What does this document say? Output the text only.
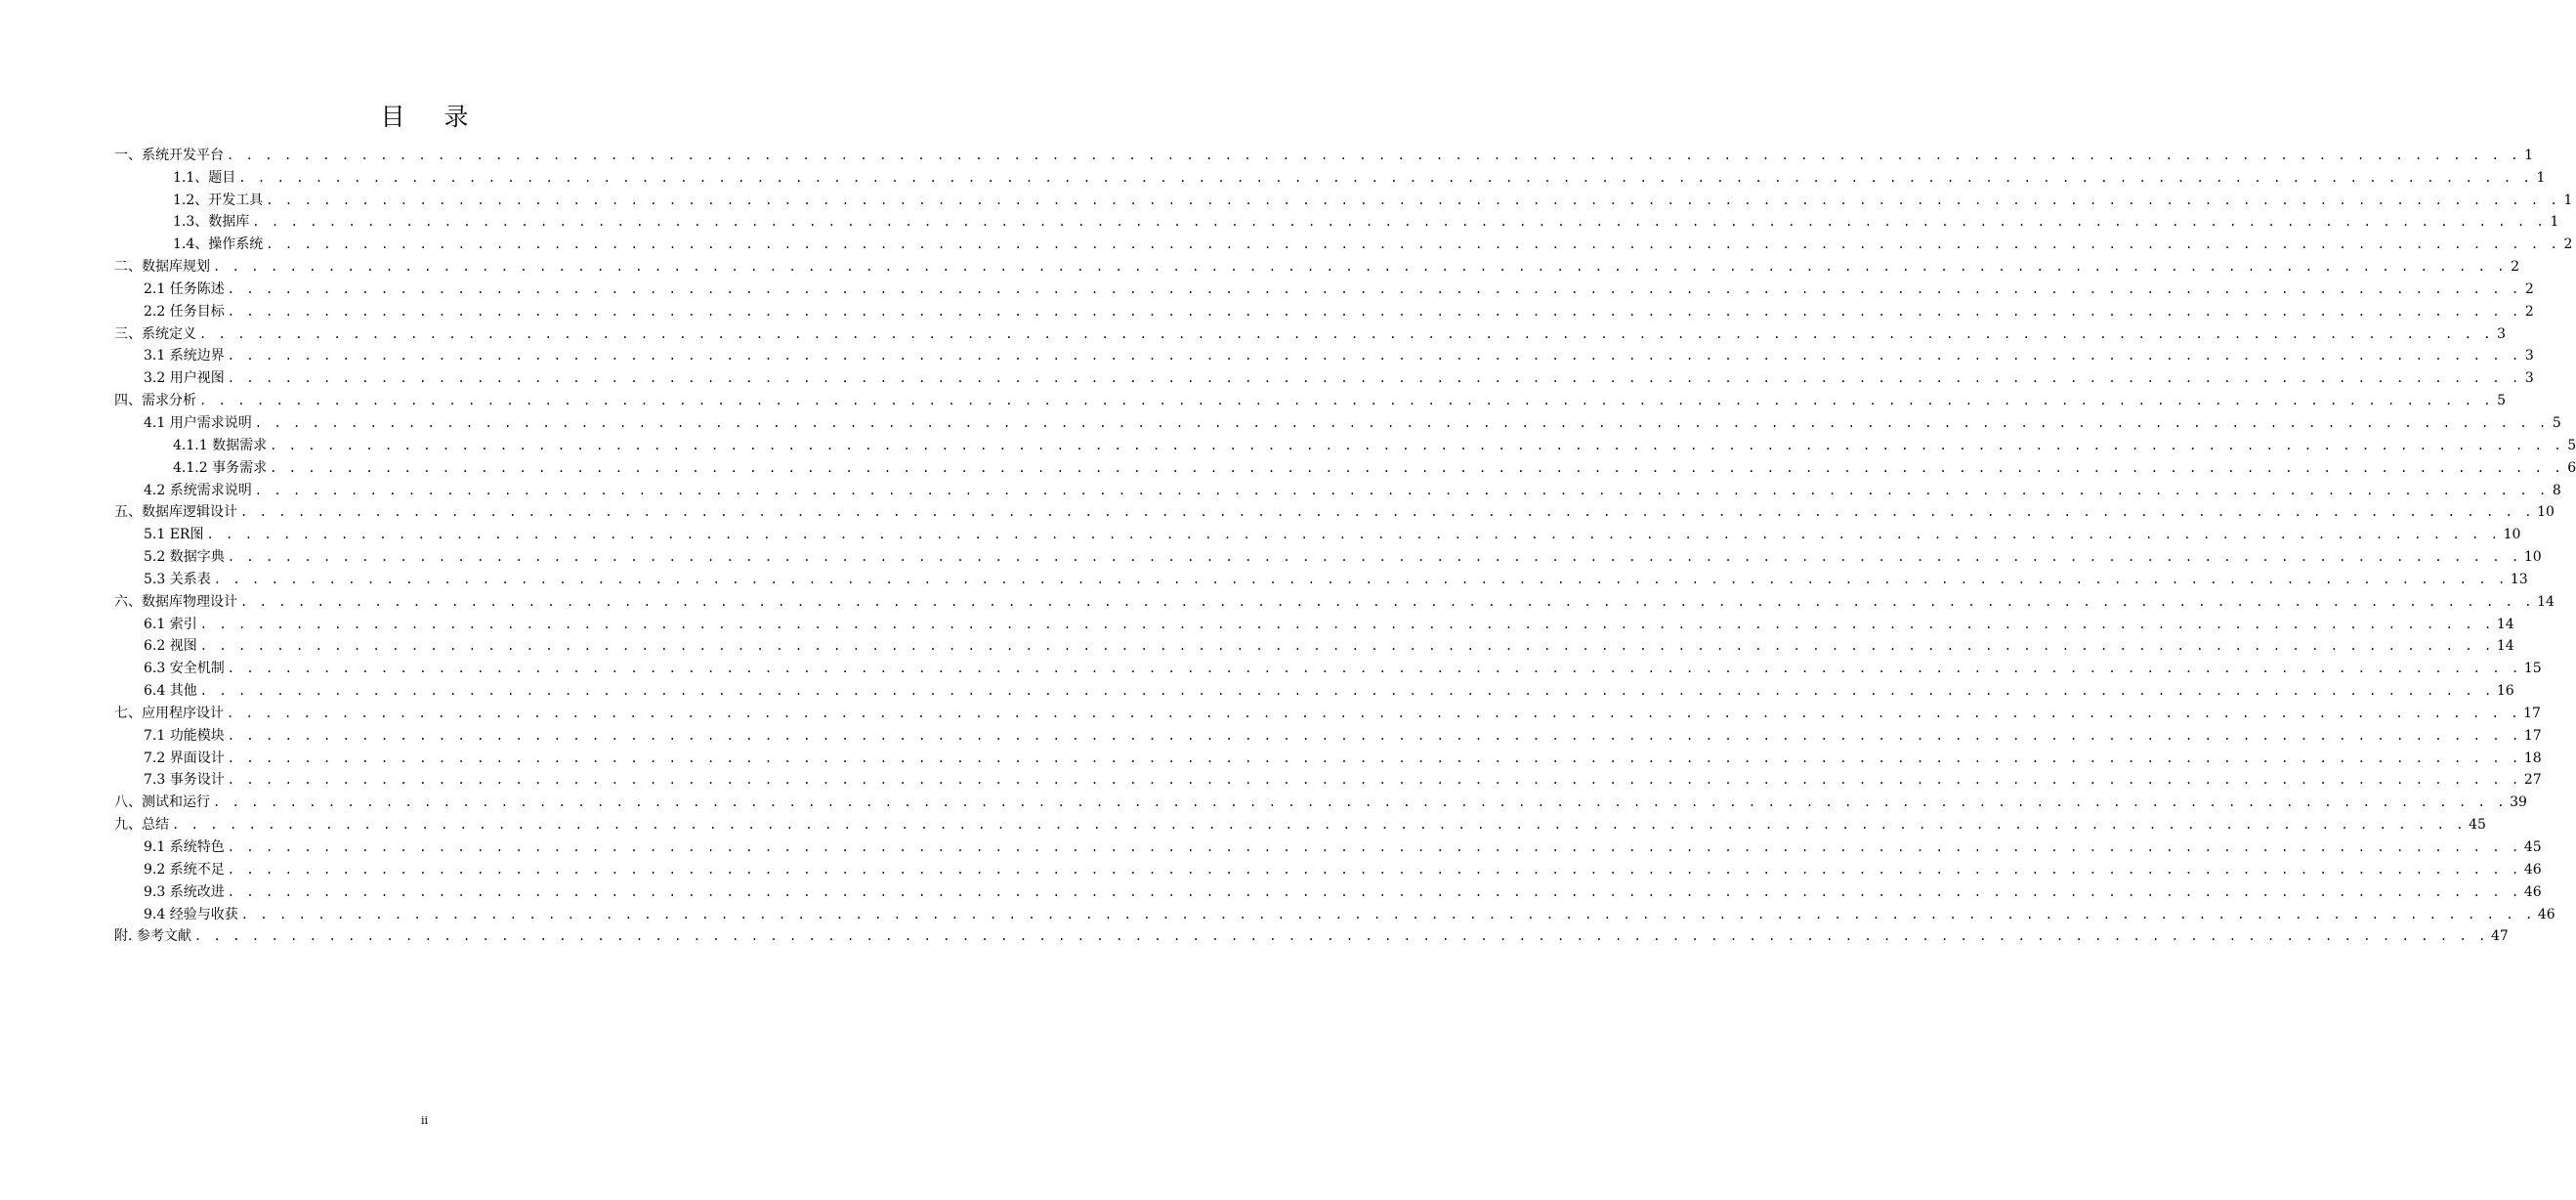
目 录
一、系统开发平台 . . . . . . . . . . . . . . . . . . . . . . . . . . . . . . . . . . . . . . . . . . . . . . . . . . . . . . . . . . . . . . . . . . . . . . . . . . . . . . . . . . . . . . . . . . . . . . . . . . . . . . . . . . . . . . . . . . . . . . . . 1
1.1、题目 . . . . . . . . . . . . . . . . . . . . . . . . . . . . . . . . . . . . . . . . . . . . . . . . . . . . . . . . . . . . . . . . . . . . . . . . . . . . . . . . . . . . . . . . . . . . . . . . . . . . . . . . . . . . . . . . . . . . . . . . 1
1.2、开发工具 . . . . . . . . . . . . . . . . . . . . . . . . . . . . . . . . . . . . . . . . . . . . . . . . . . . . . . . . . . . . . . . . . . . . . . . . . . . . . . . . . . . . . . . . . . . . . . . . . . . . . . . . . . . . . . . . . . . . . . . . 1
1.3、数据库 . . . . . . . . . . . . . . . . . . . . . . . . . . . . . . . . . . . . . . . . . . . . . . . . . . . . . . . . . . . . . . . . . . . . . . . . . . . . . . . . . . . . . . . . . . . . . . . . . . . . . . . . . . . . . . . . . . . . . . . . 1
1.4、操作系统 . . . . . . . . . . . . . . . . . . . . . . . . . . . . . . . . . . . . . . . . . . . . . . . . . . . . . . . . . . . . . . . . . . . . . . . . . . . . . . . . . . . . . . . . . . . . . . . . . . . . . . . . . . . . . . . . . . . . . . . . 2
二、数据库规划 . . . . . . . . . . . . . . . . . . . . . . . . . . . . . . . . . . . . . . . . . . . . . . . . . . . . . . . . . . . . . . . . . . . . . . . . . . . . . . . . . . . . . . . . . . . . . . . . . . . . . . . . . . . . . . . . . . . . . . . . 2
2.1 任务陈述 . . . . . . . . . . . . . . . . . . . . . . . . . . . . . . . . . . . . . . . . . . . . . . . . . . . . . . . . . . . . . . . . . . . . . . . . . . . . . . . . . . . . . . . . . . . . . . . . . . . . . . . . . . . . . . . . . . . . . . . . 2
2.2 任务目标 . . . . . . . . . . . . . . . . . . . . . . . . . . . . . . . . . . . . . . . . . . . . . . . . . . . . . . . . . . . . . . . . . . . . . . . . . . . . . . . . . . . . . . . . . . . . . . . . . . . . . . . . . . . . . . . . . . . . . . . . 2
三、系统定义 . . . . . . . . . . . . . . . . . . . . . . . . . . . . . . . . . . . . . . . . . . . . . . . . . . . . . . . . . . . . . . . . . . . . . . . . . . . . . . . . . . . . . . . . . . . . . . . . . . . . . . . . . . . . . . . . . . . . . . . . 3
3.1 系统边界 . . . . . . . . . . . . . . . . . . . . . . . . . . . . . . . . . . . . . . . . . . . . . . . . . . . . . . . . . . . . . . . . . . . . . . . . . . . . . . . . . . . . . . . . . . . . . . . . . . . . . . . . . . . . . . . . . . . . . . . . 3
3.2 用户视图 . . . . . . . . . . . . . . . . . . . . . . . . . . . . . . . . . . . . . . . . . . . . . . . . . . . . . . . . . . . . . . . . . . . . . . . . . . . . . . . . . . . . . . . . . . . . . . . . . . . . . . . . . . . . . . . . . . . . . . . . 3
四、需求分析 . . . . . . . . . . . . . . . . . . . . . . . . . . . . . . . . . . . . . . . . . . . . . . . . . . . . . . . . . . . . . . . . . . . . . . . . . . . . . . . . . . . . . . . . . . . . . . . . . . . . . . . . . . . . . . . . . . . . . . . . 5
4.1 用户需求说明 . . . . . . . . . . . . . . . . . . . . . . . . . . . . . . . . . . . . . . . . . . . . . . . . . . . . . . . . . . . . . . . . . . . . . . . . . . . . . . . . . . . . . . . . . . . . . . . . . . . . . . . . . . . . . . . . . . . . . . . . 5
4.1.1 数据需求 . . . . . . . . . . . . . . . . . . . . . . . . . . . . . . . . . . . . . . . . . . . . . . . . . . . . . . . . . . . . . . . . . . . . . . . . . . . . . . . . . . . . . . . . . . . . . . . . . . . . . . . . . . . . . . . . . . . . . . . . 5
4.1.2 事务需求 . . . . . . . . . . . . . . . . . . . . . . . . . . . . . . . . . . . . . . . . . . . . . . . . . . . . . . . . . . . . . . . . . . . . . . . . . . . . . . . . . . . . . . . . . . . . . . . . . . . . . . . . . . . . . . . . . . . . . . . . 6
4.2 系统需求说明 . . . . . . . . . . . . . . . . . . . . . . . . . . . . . . . . . . . . . . . . . . . . . . . . . . . . . . . . . . . . . . . . . . . . . . . . . . . . . . . . . . . . . . . . . . . . . . . . . . . . . . . . . . . . . . . . . . . . . . . . 8
五、数据库逻辑设计 . . . . . . . . . . . . . . . . . . . . . . . . . . . . . . . . . . . . . . . . . . . . . . . . . . . . . . . . . . . . . . . . . . . . . . . . . . . . . . . . . . . . . . . . . . . . . . . . . . . . . . . . . . . . . . . . . . . . . . . . 10
5.1 ER图 . . . . . . . . . . . . . . . . . . . . . . . . . . . . . . . . . . . . . . . . . . . . . . . . . . . . . . . . . . . . . . . . . . . . . . . . . . . . . . . . . . . . . . . . . . . . . . . . . . . . . . . . . . . . . . . . . . . . . . . . 10
5.2 数据字典 . . . . . . . . . . . . . . . . . . . . . . . . . . . . . . . . . . . . . . . . . . . . . . . . . . . . . . . . . . . . . . . . . . . . . . . . . . . . . . . . . . . . . . . . . . . . . . . . . . . . . . . . . . . . . . . . . . . . . . . . 10
5.3 关系表 . . . . . . . . . . . . . . . . . . . . . . . . . . . . . . . . . . . . . . . . . . . . . . . . . . . . . . . . . . . . . . . . . . . . . . . . . . . . . . . . . . . . . . . . . . . . . . . . . . . . . . . . . . . . . . . . . . . . . . . . 13
六、数据库物理设计 . . . . . . . . . . . . . . . . . . . . . . . . . . . . . . . . . . . . . . . . . . . . . . . . . . . . . . . . . . . . . . . . . . . . . . . . . . . . . . . . . . . . . . . . . . . . . . . . . . . . . . . . . . . . . . . . . . . . . . . . 14
6.1 索引 . . . . . . . . . . . . . . . . . . . . . . . . . . . . . . . . . . . . . . . . . . . . . . . . . . . . . . . . . . . . . . . . . . . . . . . . . . . . . . . . . . . . . . . . . . . . . . . . . . . . . . . . . . . . . . . . . . . . . . . . 14
6.2 视图 . . . . . . . . . . . . . . . . . . . . . . . . . . . . . . . . . . . . . . . . . . . . . . . . . . . . . . . . . . . . . . . . . . . . . . . . . . . . . . . . . . . . . . . . . . . . . . . . . . . . . . . . . . . . . . . . . . . . . . . . 14
6.3 安全机制 . . . . . . . . . . . . . . . . . . . . . . . . . . . . . . . . . . . . . . . . . . . . . . . . . . . . . . . . . . . . . . . . . . . . . . . . . . . . . . . . . . . . . . . . . . . . . . . . . . . . . . . . . . . . . . . . . . . . . . . . 15
6.4 其他 . . . . . . . . . . . . . . . . . . . . . . . . . . . . . . . . . . . . . . . . . . . . . . . . . . . . . . . . . . . . . . . . . . . . . . . . . . . . . . . . . . . . . . . . . . . . . . . . . . . . . . . . . . . . . . . . . . . . . . . . 16
七、应用程序设计 . . . . . . . . . . . . . . . . . . . . . . . . . . . . . . . . . . . . . . . . . . . . . . . . . . . . . . . . . . . . . . . . . . . . . . . . . . . . . . . . . . . . . . . . . . . . . . . . . . . . . . . . . . . . . . . . . . . . . . . . 17
7.1 功能模块 . . . . . . . . . . . . . . . . . . . . . . . . . . . . . . . . . . . . . . . . . . . . . . . . . . . . . . . . . . . . . . . . . . . . . . . . . . . . . . . . . . . . . . . . . . . . . . . . . . . . . . . . . . . . . . . . . . . . . . . . 17
7.2 界面设计 . . . . . . . . . . . . . . . . . . . . . . . . . . . . . . . . . . . . . . . . . . . . . . . . . . . . . . . . . . . . . . . . . . . . . . . . . . . . . . . . . . . . . . . . . . . . . . . . . . . . . . . . . . . . . . . . . . . . . . . . 18
7.3 事务设计 . . . . . . . . . . . . . . . . . . . . . . . . . . . . . . . . . . . . . . . . . . . . . . . . . . . . . . . . . . . . . . . . . . . . . . . . . . . . . . . . . . . . . . . . . . . . . . . . . . . . . . . . . . . . . . . . . . . . . . . . 27
八、测试和运行 . . . . . . . . . . . . . . . . . . . . . . . . . . . . . . . . . . . . . . . . . . . . . . . . . . . . . . . . . . . . . . . . . . . . . . . . . . . . . . . . . . . . . . . . . . . . . . . . . . . . . . . . . . . . . . . . . . . . . . . . 39
九、总结 . . . . . . . . . . . . . . . . . . . . . . . . . . . . . . . . . . . . . . . . . . . . . . . . . . . . . . . . . . . . . . . . . . . . . . . . . . . . . . . . . . . . . . . . . . . . . . . . . . . . . . . . . . . . . . . . . . . . . . . . 45
9.1 系统特色 . . . . . . . . . . . . . . . . . . . . . . . . . . . . . . . . . . . . . . . . . . . . . . . . . . . . . . . . . . . . . . . . . . . . . . . . . . . . . . . . . . . . . . . . . . . . . . . . . . . . . . . . . . . . . . . . . . . . . . . . 45
9.2 系统不足 . . . . . . . . . . . . . . . . . . . . . . . . . . . . . . . . . . . . . . . . . . . . . . . . . . . . . . . . . . . . . . . . . . . . . . . . . . . . . . . . . . . . . . . . . . . . . . . . . . . . . . . . . . . . . . . . . . . . . . . . 46
9.3 系统改进 . . . . . . . . . . . . . . . . . . . . . . . . . . . . . . . . . . . . . . . . . . . . . . . . . . . . . . . . . . . . . . . . . . . . . . . . . . . . . . . . . . . . . . . . . . . . . . . . . . . . . . . . . . . . . . . . . . . . . . . . 46
9.4 经验与收获 . . . . . . . . . . . . . . . . . . . . . . . . . . . . . . . . . . . . . . . . . . . . . . . . . . . . . . . . . . . . . . . . . . . . . . . . . . . . . . . . . . . . . . . . . . . . . . . . . . . . . . . . . . . . . . . . . . . . . . . . 46
附. 参考文献 . . . . . . . . . . . . . . . . . . . . . . . . . . . . . . . . . . . . . . . . . . . . . . . . . . . . . . . . . . . . . . . . . . . . . . . . . . . . . . . . . . . . . . . . . . . . . . . . . . . . . . . . . . . . . . . . . . . . . . . . 47
ii
